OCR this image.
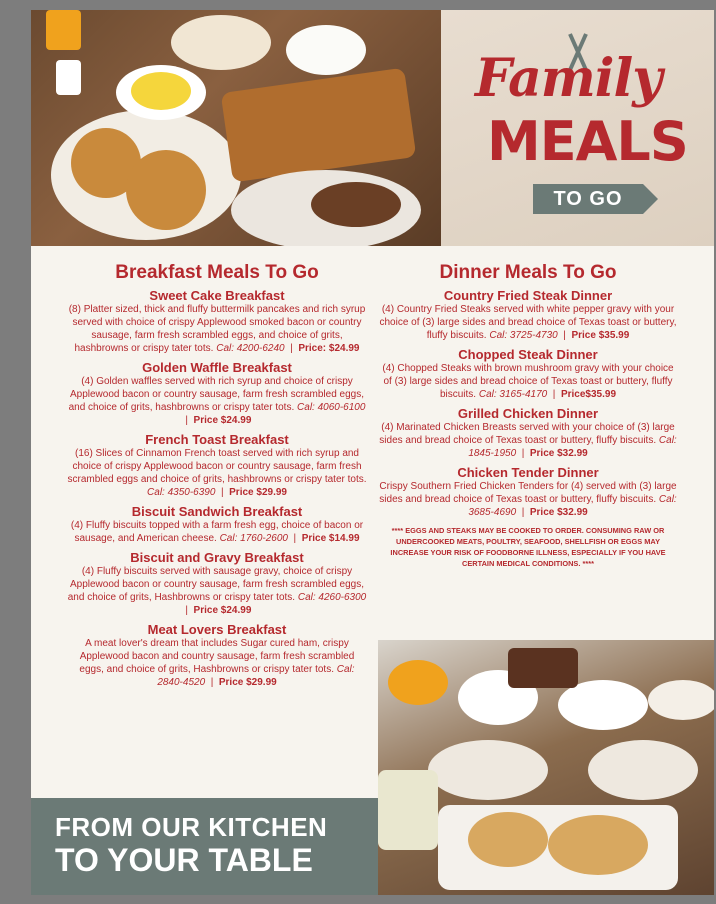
Family
MEALS
TO GO
Breakfast Meals To Go
Sweet Cake Breakfast

(8) Platter sized, thick and fluffy buttermilk pancakes and rich syrup served with choice of crispy Applewood smoked bacon or country sausage, farm fresh scrambled eggs, and choice of grits, hashbrowns or crispy tater tots. Cal: 4200-6240  |  Price: $24.99

Golden Waffle Breakfast

(4) Golden waffles served with rich syrup and choice of crispy Applewood bacon or country sausage, farm fresh scrambled eggs, and choice of grits, hashbrowns or crispy tater tots. Cal: 4060-6100  |  Price $24.99

French Toast Breakfast

(16) Slices of Cinnamon French toast served with rich syrup and choice of crispy Applewood bacon or country sausage, farm fresh scrambled eggs and choice of grits, hashbrowns or crispy tater tots. Cal: 4350-6390  |  Price $29.99

Biscuit Sandwich Breakfast

(4) Fluffy biscuits topped with a farm fresh egg, choice of bacon or sausage, and American cheese. Cal: 1760-2600  |  Price $14.99

Biscuit and Gravy Breakfast

(4) Fluffy biscuits served with sausage gravy, choice of crispy Applewood bacon or country sausage, farm fresh scrambled eggs, and choice of grits, Hashbrowns or crispy tater tots. Cal: 4260-6300  |  Price $24.99

Meat Lovers Breakfast

A meat lover's dream that includes Sugar cured ham, crispy Applewood bacon and country sausage, farm fresh scrambled eggs, and choice of grits, Hashbrowns or crispy tater tots. Cal: 2840-4520  |  Price $29.99

Dinner Meals To Go
Country Fried Steak Dinner

(4) Country Fried Steaks served with white pepper gravy with your choice of (3) large sides and bread choice of Texas toast or buttery, fluffy biscuits. Cal: 3725-4730  |  Price $35.99

Chopped Steak Dinner

(4) Chopped Steaks with brown mushroom gravy with your choice of (3) large sides and bread choice of Texas toast or buttery, fluffy biscuits. Cal: 3165-4170  |  Price$35.99

Grilled Chicken Dinner

(4) Marinated Chicken Breasts served with your choice of (3) large sides and bread choice of Texas toast or buttery, fluffy biscuits. Cal: 1845-1950  |  Price $32.99

Chicken Tender Dinner

Crispy Southern Fried Chicken Tenders for (4) served with (3) large sides and bread choice of Texas toast or buttery, fluffy biscuits. Cal: 3685-4690  |  Price $32.99

**** EGGS AND STEAKS MAY BE COOKED TO ORDER. CONSUMING RAW OR UNDERCOOKED MEATS, POULTRY, SEAFOOD, SHELLFISH OR EGGS MAY INCREASE YOUR RISK OF FOODBORNE ILLNESS, ESPECIALLY IF YOU HAVE CERTAIN MEDICAL CONDITIONS. ****
FROM OUR KITCHEN
TO YOUR TABLE
